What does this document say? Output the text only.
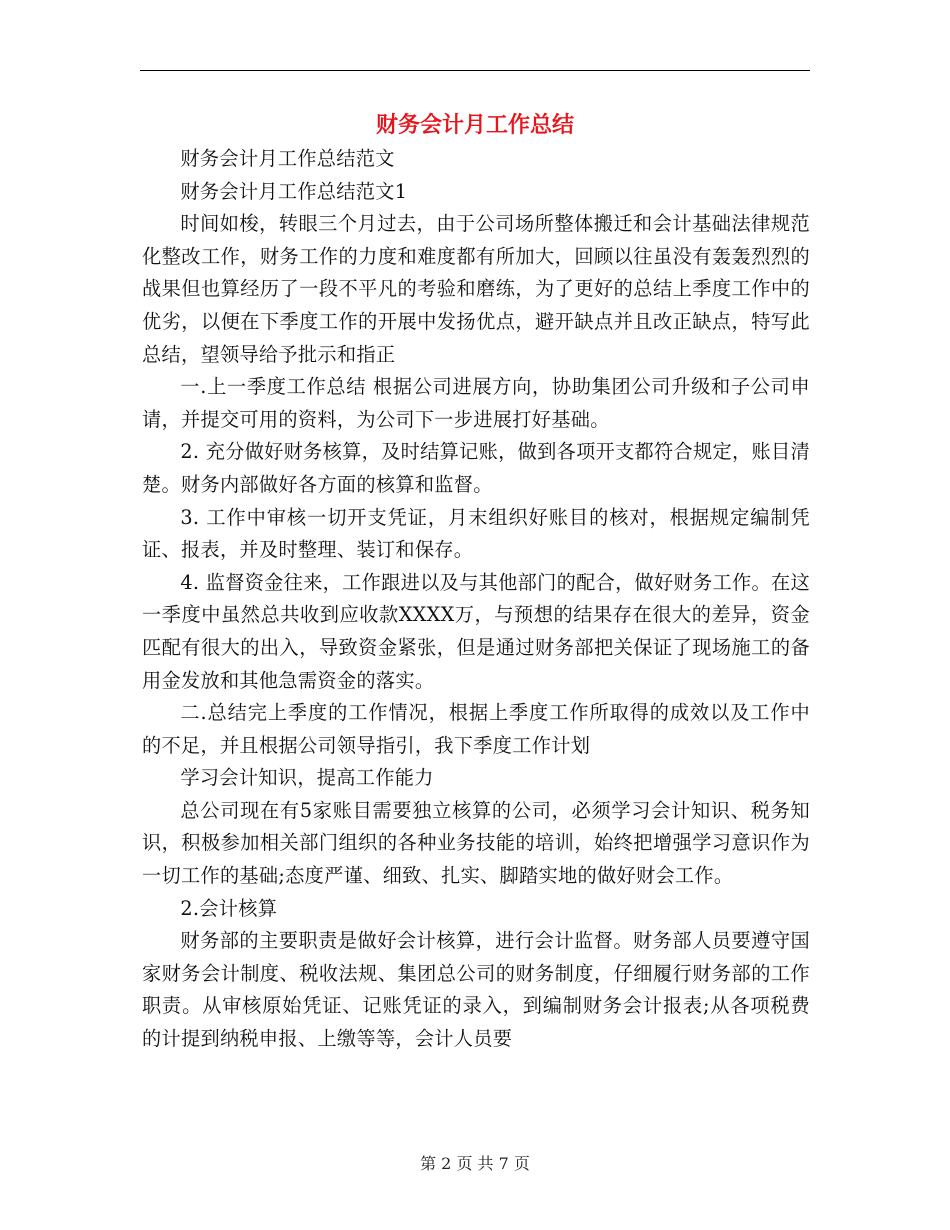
财务会计月工作总结

财务会计月工作总结范文

财务会计月工作总结范文1

时间如梭，转眼三个月过去，由于公司场所整体搬迁和会计基础法律规范化整改工作，财务工作的力度和难度都有所加大，回顾以往虽没有轰轰烈烈的战果但也算经历了一段不平凡的考验和磨练，为了更好的总结上季度工作中的优劣，以便在下季度工作的开展中发扬优点，避开缺点并且改正缺点，特写此总结，望领导给予批示和指正

一.上一季度工作总结 根据公司进展方向，协助集团公司升级和子公司申请，并提交可用的资料，为公司下一步进展打好基础。

2. 充分做好财务核算，及时结算记账，做到各项开支都符合规定，账目清楚。财务内部做好各方面的核算和监督。

3. 工作中审核一切开支凭证，月末组织好账目的核对，根据规定编制凭证、报表，并及时整理、装订和保存。

4. 监督资金往来，工作跟进以及与其他部门的配合，做好财务工作。在这一季度中虽然总共收到应收款XXXX万，与预想的结果存在很大的差异，资金匹配有很大的出入，导致资金紧张，但是通过财务部把关保证了现场施工的备用金发放和其他急需资金的落实。

二.总结完上季度的工作情况，根据上季度工作所取得的成效以及工作中的不足，并且根据公司领导指引，我下季度工作计划

学习会计知识，提高工作能力

总公司现在有5家账目需要独立核算的公司，必须学习会计知识、税务知识，积极参加相关部门组织的各种业务技能的培训，始终把增强学习意识作为一切工作的基础;态度严谨、细致、扎实、脚踏实地的做好财会工作。

2.会计核算

财务部的主要职责是做好会计核算，进行会计监督。财务部人员要遵守国家财务会计制度、税收法规、集团总公司的财务制度，仔细履行财务部的工作职责。从审核原始凭证、记账凭证的录入，到编制财务会计报表;从各项税费的计提到纳税申报、上缴等等，会计人员要

第 2 页 共 7 页
